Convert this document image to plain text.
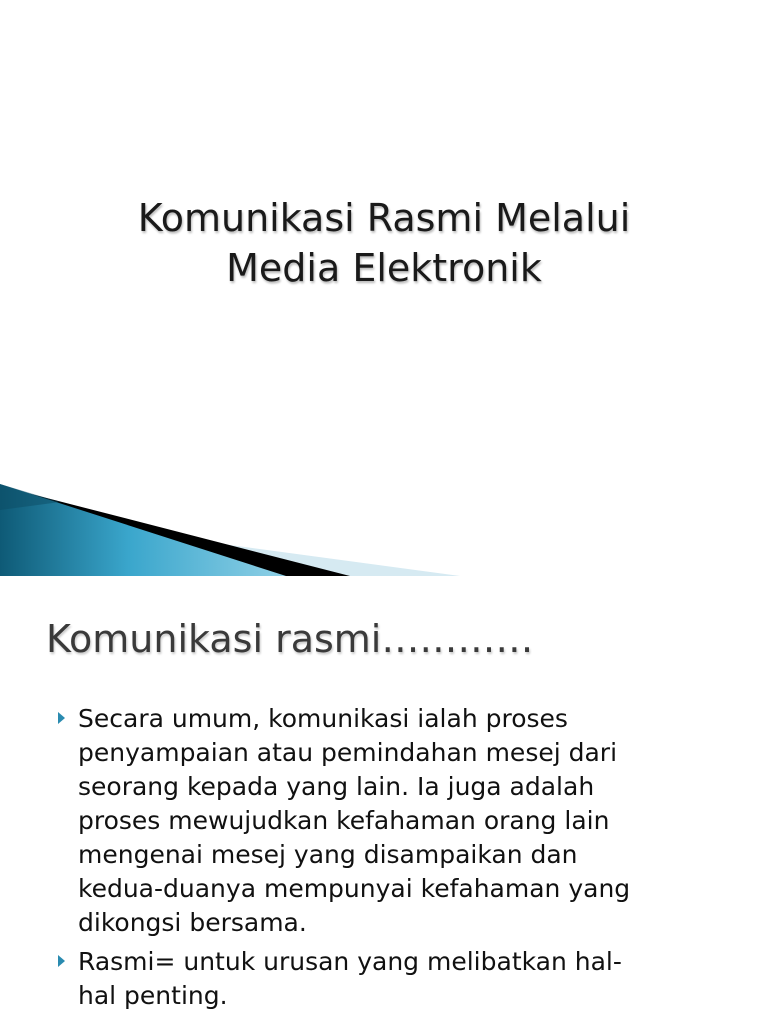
Komunikasi Rasmi Melalui
Media Elektronik
Komunikasi rasmi…………
Secara umum, komunikasi ialah proses
penyampaian atau pemindahan mesej dari
seorang kepada yang lain. Ia juga adalah
proses mewujudkan kefahaman orang lain
mengenai mesej yang disampaikan dan
kedua-duanya mempunyai kefahaman yang
dikongsi bersama.
Rasmi= untuk urusan yang melibatkan hal-
hal penting.
